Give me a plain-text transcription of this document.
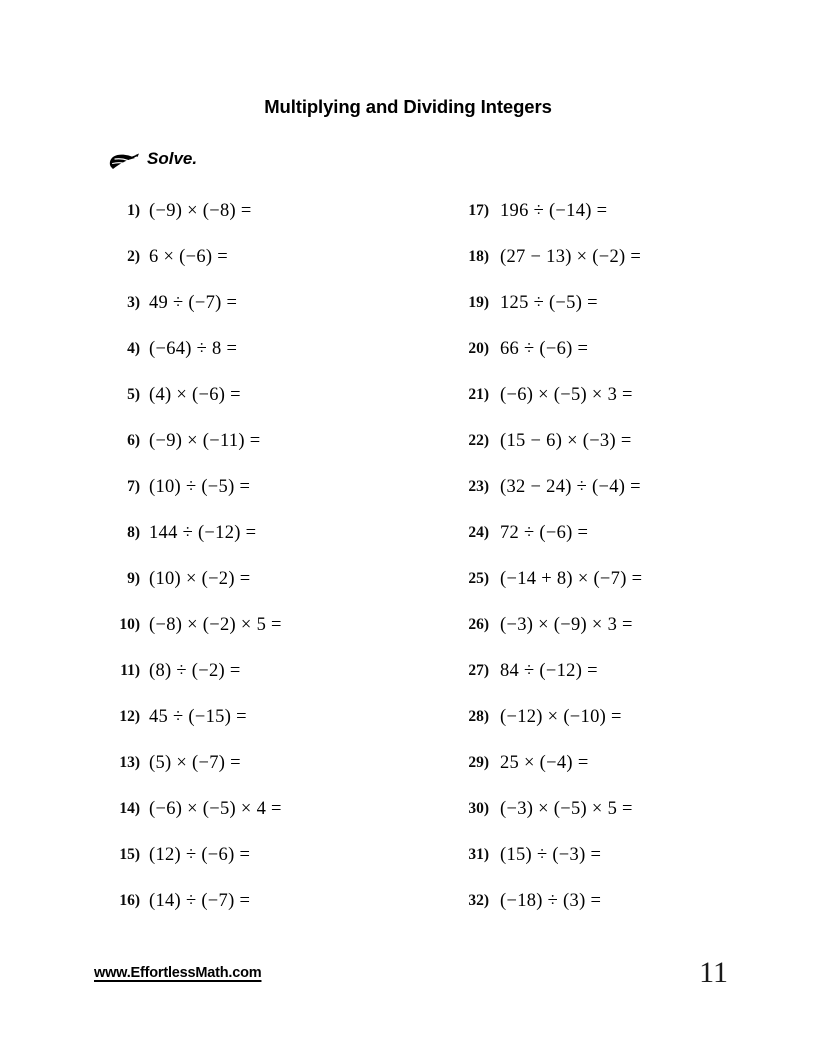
Multiplying and Dividing Integers
Solve.
1) (−9) × (−8) =
2) 6 × (−6) =
3) 49 ÷ (−7) =
4) (−64) ÷ 8 =
5) (4) × (−6) =
6) (−9) × (−11) =
7) (10) ÷ (−5) =
8) 144 ÷ (−12) =
9) (10) × (−2) =
10) (−8) × (−2) × 5 =
11) (8) ÷ (−2) =
12) 45 ÷ (−15) =
13) (5) × (−7) =
14) (−6) × (−5) × 4 =
15) (12) ÷ (−6) =
16) (14) ÷ (−7) =
17) 196 ÷ (−14) =
18) (27 − 13) × (−2) =
19) 125 ÷ (−5) =
20) 66 ÷ (−6) =
21) (−6) × (−5) × 3 =
22) (15 − 6) × (−3) =
23) (32 − 24) ÷ (−4) =
24) 72 ÷ (−6) =
25) (−14 + 8) × (−7) =
26) (−3) × (−9) × 3 =
27) 84 ÷ (−12) =
28) (−12) × (−10) =
29) 25 × (−4) =
30) (−3) × (−5) × 5 =
31) (15) ÷ (−3) =
32) (−18) ÷ (3) =
www.EffortlessMath.com	11
